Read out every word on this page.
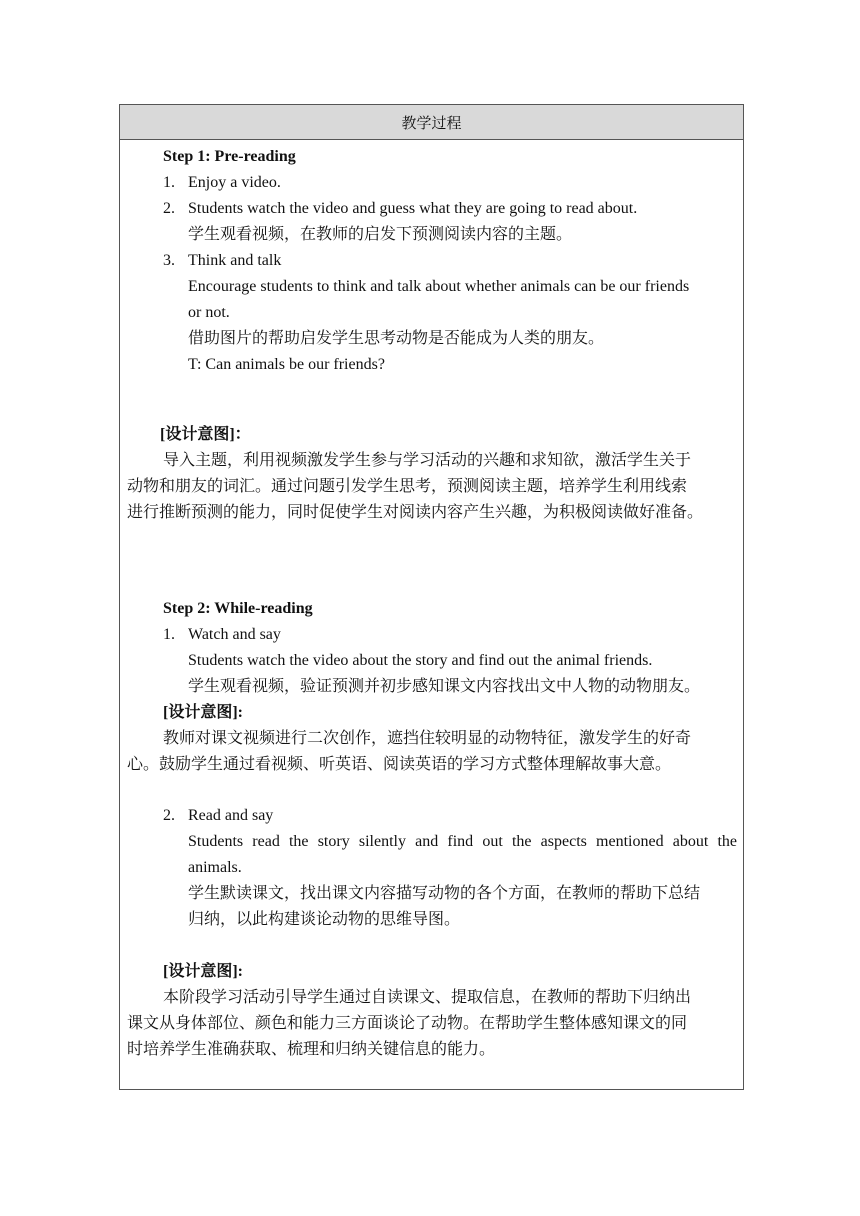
教学过程
Step 1: Pre-reading
1. Enjoy a video.
2. Students watch the video and guess what they are going to read about.
学生观看视频，在教师的启发下预测阅读内容的主题。
3. Think and talk
Encourage students to think and talk about whether animals can be our friends
or not.
借助图片的帮助启发学生思考动物是否能成为人类的朋友。
T: Can animals be our friends?
[设计意图]：
导入主题，利用视频激发学生参与学习活动的兴趣和求知欲，激活学生关于
动物和朋友的词汇。通过问题引发学生思考，预测阅读主题，培养学生利用线索
进行推断预测的能力，同时促使学生对阅读内容产生兴趣，为积极阅读做好准备。
Step 2: While-reading
1. Watch and say
Students watch the video about the story and find out the animal friends.
学生观看视频，验证预测并初步感知课文内容找出文中人物的动物朋友。
[设计意图]:
教师对课文视频进行二次创作，遮挡住较明显的动物特征，激发学生的好奇
心。鼓励学生通过看视频、听英语、阅读英语的学习方式整体理解故事大意。
2. Read and say
Students read the story silently and find out the aspects mentioned about the
animals.
学生默读课文，找出课文内容描写动物的各个方面，在教师的帮助下总结
归纳，以此构建谈论动物的思维导图。
[设计意图]:
本阶段学习活动引导学生通过自读课文、提取信息，在教师的帮助下归纳出
课文从身体部位、颜色和能力三方面谈论了动物。在帮助学生整体感知课文的同
时培养学生准确获取、梳理和归纳关键信息的能力。
